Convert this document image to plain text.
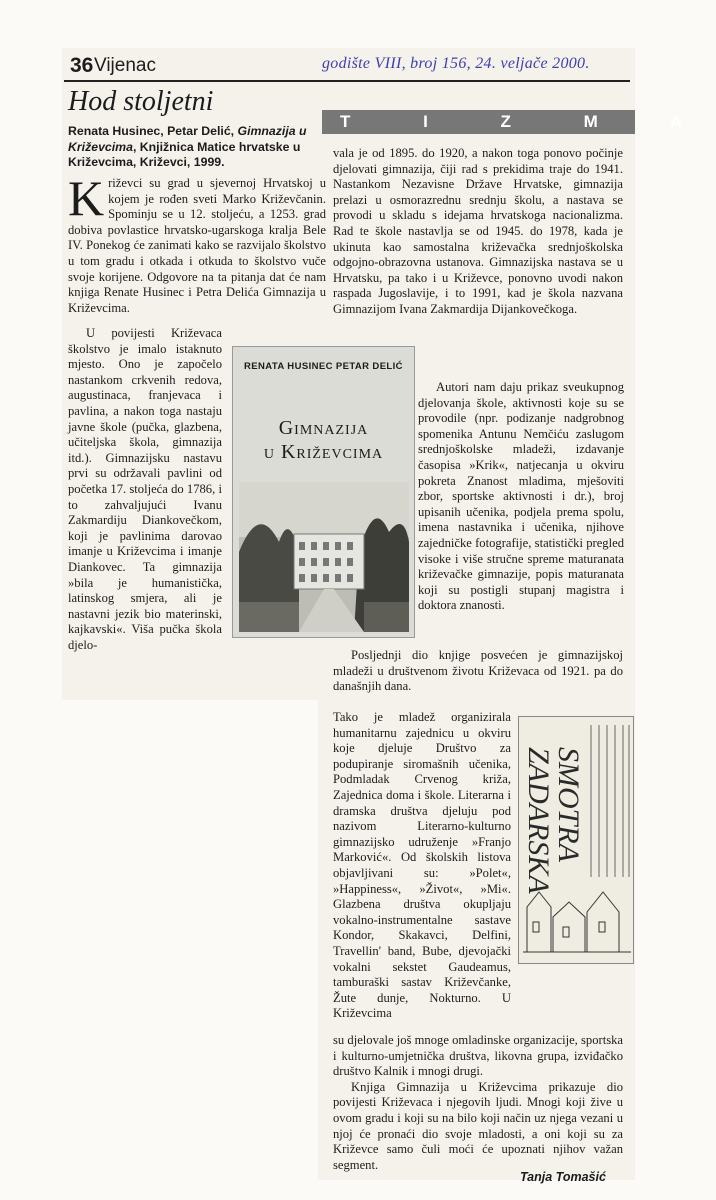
36 Vijenac	godište VIII, broj 156, 24. veljače 2000.
Hod stoljetni
T I Z M A
Renata Husinec, Petar Delić, Gimnazija u Križevcima, Knjižnica Matice hrvatske u Križevcima, Križevci, 1999.
Križevci su grad u sjevernoj Hrvatskoj u kojem je rođen sveti Marko Križevčanin. Spominju se u 12. stoljeću, a 1253. grad dobiva povlastice hrvatsko-ugarskoga kralja Bele IV. Ponekog će zanimati kako se razvijalo školstvo u tom gradu i otkada i otkuda to školstvo vuče svoje korijene. Odgovore na ta pitanja dat će nam knjiga Renate Husinec i Petra Delića Gimnazija u Križevcima.

U povijesti Križevaca školstvo je imalo istaknuto mjesto. Ono je započelo nastankom crkvenih redova, augustinaca, franjevaca i pavlina, a nakon toga nastaju javne škole (pučka, glazbena, učiteljska škola, gimnazija itd.). Gimnazijsku nastavu prvi su održavali pavlini od početka 17. stoljeća do 1786, i to zahvaljujući Ivanu Zakmardiju Diankovečkom, koji je pavlinima darovao imanje u Križevcima i imanje Diankovec. Ta gimnazija »bila je humanistička, latinskog smjera, ali je nastavni jezik bio materinski, kajkavski«. Viša pučka škola djelo-

RENATA HUSINEC PETAR DELIĆ
Gimnazija
u Križevcima

vala je od 1895. do 1920, a nakon toga ponovo počinje djelovati gimnazija, čiji rad s prekidima traje do 1941. Nastankom Nezavisne Države Hrvatske, gimnazija prelazi u osmorazrednu srednju školu, a nastava se provodi u skladu s idejama hrvatskoga nacionalizma. Rad te škole nastavlja se od 1945. do 1978, kada je ukinuta kao samostalna križevačka srednjoškolska odgojno-obrazovna ustanova. Gimnazijska nastava se u Hrvatsku, pa tako i u Križevce, ponovno uvodi nakon raspada Jugoslavije, i to 1991, kad je škola nazvana Gimnazijom Ivana Zakmardija Dijankovečkoga.

Autori nam daju prikaz sveukupnog djelovanja škole, aktivnosti koje su se provodile (npr. podizanje nadgrobnog spomenika Antunu Nemčiću zaslugom srednjoškolske mladeži, izdavanje časopisa »Krik«, natjecanja u okviru pokreta Znanost mladima, mješoviti zbor, sportske aktivnosti i dr.), broj upisanih učenika, podjela prema spolu, imena nastavnika i učenika, njihove zajedničke fotografije, statistički pregled visoke i više stručne spreme maturanata križevačke gimnazije, popis maturanata koji su postigli stupanj magistra i doktora znanosti.

Posljednji dio knjige posvećen je gimnazijskoj mladeži u društvenom životu Križevaca od 1921. pa do današnjih dana.

Tako je mladež organizirala humanitarnu zajednicu u okviru koje djeluje Društvo za podupiranje siromašnih učenika, Podmladak Crvenog križa, Zajednica doma i škole. Literarna i dramska društva djeluju pod nazivom Literarno-kulturno gimnazijsko udruženje »Franjo Marković«. Od školskih listova objavljivani su: »Polet«, »Happiness«, »Život«, »Mi«. Glazbena društva okupljaju vokalno-instrumentalne sastave Kondor, Skakavci, Delfini, Travellin' band, Bube, djevojački vokalni sekstet Gaudeamus, tamburaški sastav Križevčanke, Žute dunje, Nokturno. U Križevcima

ZADARSKA
SMOTRA

su djelovale još mnoge omladinske organizacije, sportska i kulturno-umjetnička društva, likovna grupa, izviđačko društvo Kalnik i mnogi drugi.

Knjiga Gimnazija u Križevcima prikazuje dio povijesti Križevaca i njegovih ljudi. Mnogi koji žive u ovom gradu i koji su na bilo koji način uz njega vezani u njoj će pronaći dio svoje mladosti, a oni koji su za Križevce samo čuli moći će upoznati njihov važan segment.

Tanja Tomašić
